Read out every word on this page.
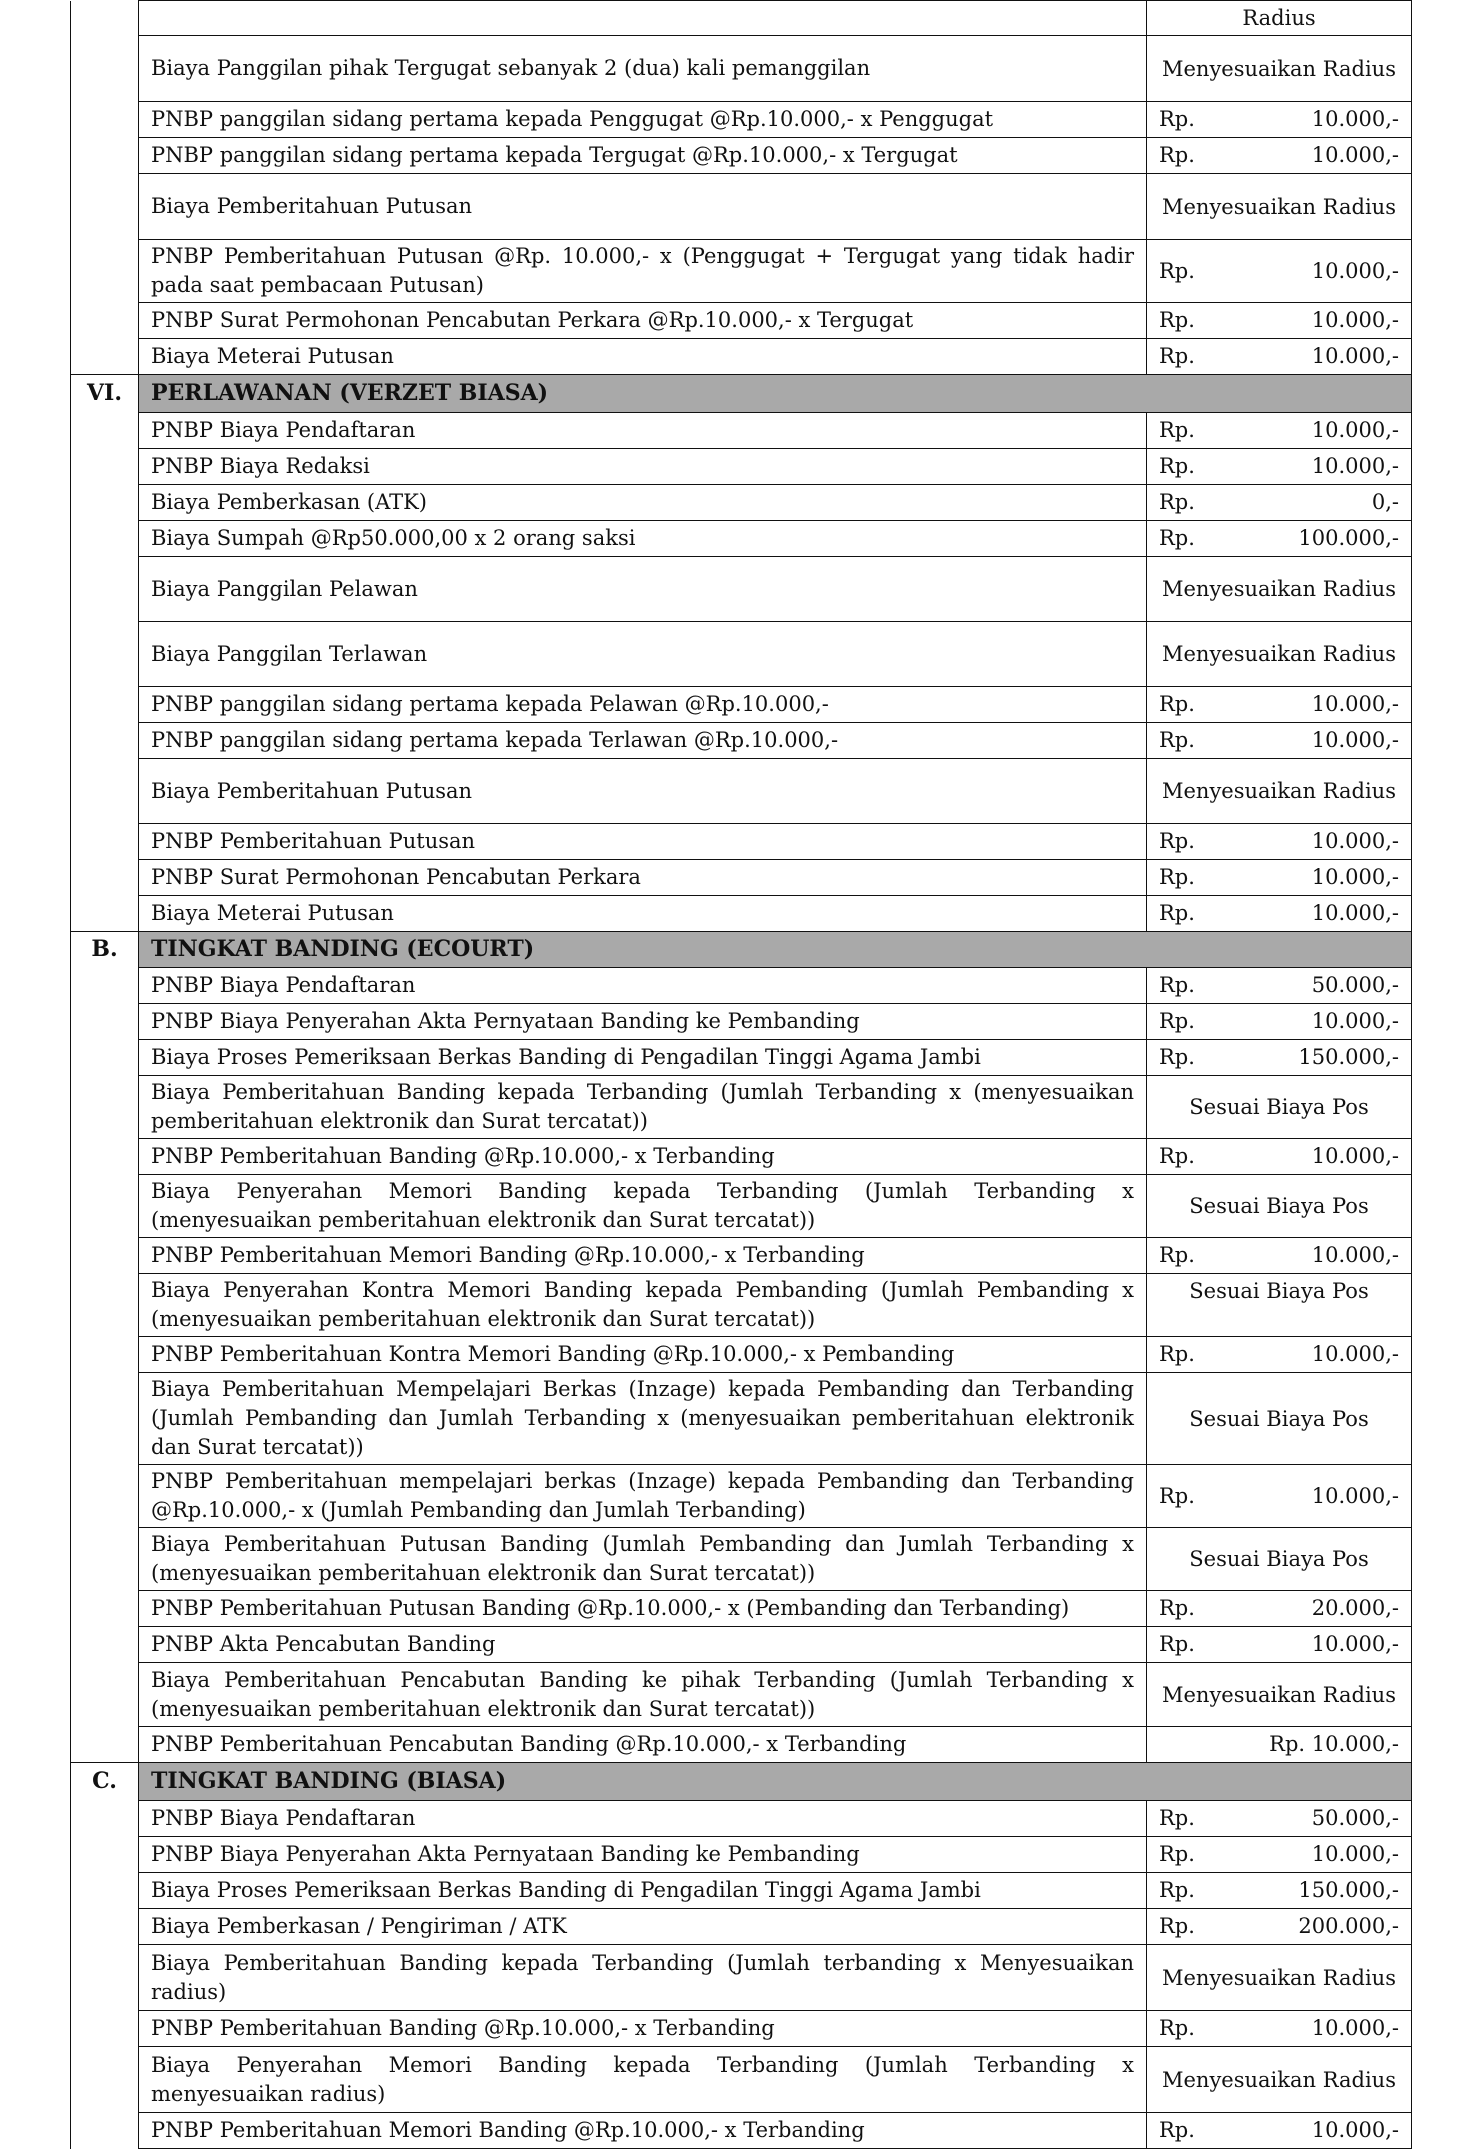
		Radius

	Biaya Panggilan pihak Tergugat sebanyak 2 (dua) kali pemanggilan	Menyesuaikan Radius

	PNBP panggilan sidang pertama kepada Penggugat @Rp.10.000,- x Penggugat	Rp. 10.000,-

	PNBP panggilan sidang pertama kepada Tergugat @Rp.10.000,- x Tergugat	Rp. 10.000,-

	Biaya Pemberitahuan Putusan	Menyesuaikan Radius

	PNBP Pemberitahuan Putusan @Rp. 10.000,- x (Penggugat + Tergugat yang tidak hadir pada saat pembacaan Putusan)	Rp. 10.000,-

	PNBP Surat Permohonan Pencabutan Perkara @Rp.10.000,- x Tergugat	Rp. 10.000,-

	Biaya Meterai Putusan	Rp. 10.000,-

VI.	PERLAWANAN (VERZET BIASA)	
	PNBP Biaya Pendaftaran	Rp. 10.000,-

	PNBP Biaya Redaksi	Rp. 10.000,-

	Biaya Pemberkasan (ATK)	Rp. 0,-

	Biaya Sumpah @Rp50.000,00 x 2 orang saksi	Rp. 100.000,-

	Biaya Panggilan Pelawan	Menyesuaikan Radius

	Biaya Panggilan Terlawan	Menyesuaikan Radius

	PNBP panggilan sidang pertama kepada Pelawan @Rp.10.000,-	Rp. 10.000,-

	PNBP panggilan sidang pertama kepada Terlawan @Rp.10.000,-	Rp. 10.000,-

	Biaya Pemberitahuan Putusan	Menyesuaikan Radius

	PNBP Pemberitahuan Putusan	Rp. 10.000,-

	PNBP Surat Permohonan Pencabutan Perkara	Rp. 10.000,-

	Biaya Meterai Putusan	Rp. 10.000,-

B.	TINGKAT BANDING (ECOURT)	
	PNBP Biaya Pendaftaran	Rp. 50.000,-

	PNBP Biaya Penyerahan Akta Pernyataan Banding ke Pembanding	Rp. 10.000,-

	Biaya Proses Pemeriksaan Berkas Banding di Pengadilan Tinggi Agama Jambi	Rp. 150.000,-

	Biaya Pemberitahuan Banding kepada Terbanding (Jumlah Terbanding x (menyesuaikan pemberitahuan elektronik dan Surat tercatat))	Sesuai Biaya Pos

	PNBP Pemberitahuan Banding @Rp.10.000,- x Terbanding	Rp. 10.000,-

	Biaya Penyerahan Memori Banding kepada Terbanding (Jumlah Terbanding x (menyesuaikan pemberitahuan elektronik dan Surat tercatat))	Sesuai Biaya Pos

	PNBP Pemberitahuan Memori Banding @Rp.10.000,- x Terbanding	Rp. 10.000,-

	Biaya Penyerahan Kontra Memori Banding kepada Pembanding (Jumlah Pembanding x (menyesuaikan pemberitahuan elektronik dan Surat tercatat))	Sesuai Biaya Pos

	PNBP Pemberitahuan Kontra Memori Banding @Rp.10.000,- x Pembanding	Rp. 10.000,-

	Biaya Pemberitahuan Mempelajari Berkas (Inzage) kepada Pembanding dan Terbanding (Jumlah Pembanding dan Jumlah Terbanding x (menyesuaikan pemberitahuan elektronik dan Surat tercatat))	Sesuai Biaya Pos

	PNBP Pemberitahuan mempelajari berkas (Inzage) kepada Pembanding dan Terbanding @Rp.10.000,- x (Jumlah Pembanding dan Jumlah Terbanding)	Rp. 10.000,-

	Biaya Pemberitahuan Putusan Banding (Jumlah Pembanding dan Jumlah Terbanding x (menyesuaikan pemberitahuan elektronik dan Surat tercatat))	Sesuai Biaya Pos

	PNBP Pemberitahuan Putusan Banding @Rp.10.000,- x (Pembanding dan Terbanding)	Rp. 20.000,-

	PNBP Akta Pencabutan Banding	Rp. 10.000,-

	Biaya Pemberitahuan Pencabutan Banding ke pihak Terbanding (Jumlah Terbanding x (menyesuaikan pemberitahuan elektronik dan Surat tercatat))	Menyesuaikan Radius

	PNBP Pemberitahuan Pencabutan Banding @Rp.10.000,- x Terbanding	Rp. 10.000,-

C.	TINGKAT BANDING (BIASA)	
	PNBP Biaya Pendaftaran	Rp. 50.000,-

	PNBP Biaya Penyerahan Akta Pernyataan Banding ke Pembanding	Rp. 10.000,-

	Biaya Proses Pemeriksaan Berkas Banding di Pengadilan Tinggi Agama Jambi	Rp. 150.000,-

	Biaya Pemberkasan / Pengiriman / ATK	Rp. 200.000,-

	Biaya Pemberitahuan Banding kepada Terbanding (Jumlah terbanding x Menyesuaikan radius)	Menyesuaikan Radius

	PNBP Pemberitahuan Banding @Rp.10.000,- x Terbanding	Rp. 10.000,-

	Biaya Penyerahan Memori Banding kepada Terbanding (Jumlah Terbanding x menyesuaikan radius)	Menyesuaikan Radius

	PNBP Pemberitahuan Memori Banding @Rp.10.000,- x Terbanding	Rp. 10.000,-
